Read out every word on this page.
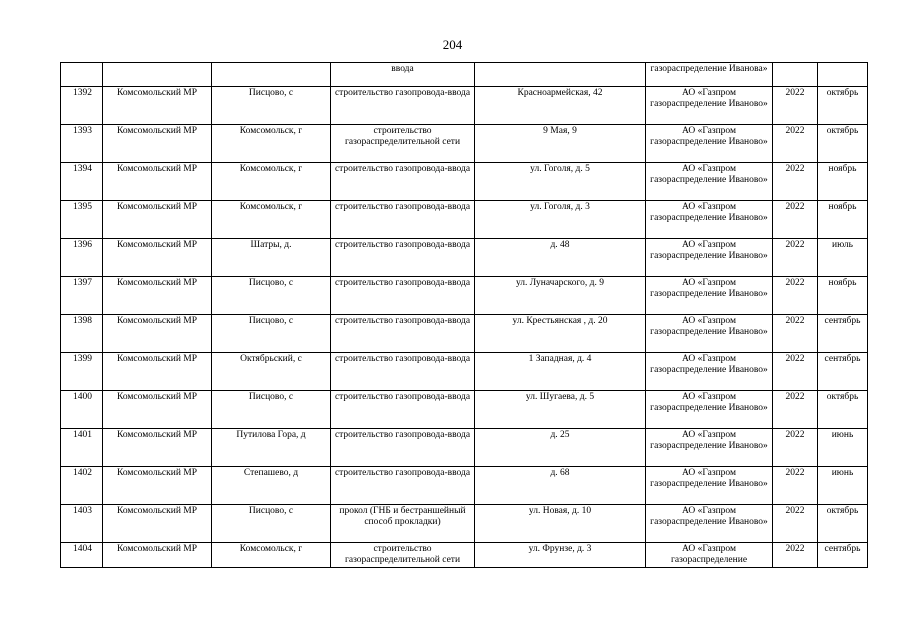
204
			ввода		газораспределение Иванова»		

1392	Комсомольский МР	Писцово, с	строительство газопровода-ввода	Красноармейская, 42	АО «Газпром газораспределение Иваново»	2022	октябрь

1393	Комсомольский МР	Комсомольск, г	строительство газораспределительной сети	9 Мая, 9	АО «Газпром газораспределение Иваново»	2022	октябрь

1394	Комсомольский МР	Комсомольск, г	строительство газопровода-ввода	ул. Гоголя, д. 5	АО «Газпром газораспределение Иваново»	2022	ноябрь

1395	Комсомольский МР	Комсомольск, г	строительство газопровода-ввода	ул. Гоголя, д. 3	АО «Газпром газораспределение Иваново»	2022	ноябрь

1396	Комсомольский МР	Шатры, д.	строительство газопровода-ввода	д. 48	АО «Газпром газораспределение Иваново»	2022	июль

1397	Комсомольский МР	Писцово, с	строительство газопровода-ввода	ул. Луначарского, д. 9	АО «Газпром газораспределение Иваново»	2022	ноябрь

1398	Комсомольский МР	Писцово, с	строительство газопровода-ввода	ул. Крестьянская , д. 20	АО «Газпром газораспределение Иваново»	2022	сентябрь

1399	Комсомольский МР	Октябрьский, с	строительство газопровода-ввода	1 Западная, д. 4	АО «Газпром газораспределение Иваново»	2022	сентябрь

1400	Комсомольский МР	Писцово, с	строительство газопровода-ввода	ул. Шугаева, д. 5	АО «Газпром газораспределение Иваново»	2022	октябрь

1401	Комсомольский МР	Путилова Гора, д	строительство газопровода-ввода	д. 25	АО «Газпром газораспределение Иваново»	2022	июнь

1402	Комсомольский МР	Степашево, д	строительство газопровода-ввода	д. 68	АО «Газпром газораспределение Иваново»	2022	июнь

1403	Комсомольский МР	Писцово, с	прокол (ГНБ и бестраншейный способ прокладки)	ул. Новая, д. 10	АО «Газпром газораспределение Иваново»	2022	октябрь

1404	Комсомольский МР	Комсомольск, г	строительство газораспределительной сети	ул. Фрунзе, д. 3	АО «Газпром газораспределение	2022	сентябрь
